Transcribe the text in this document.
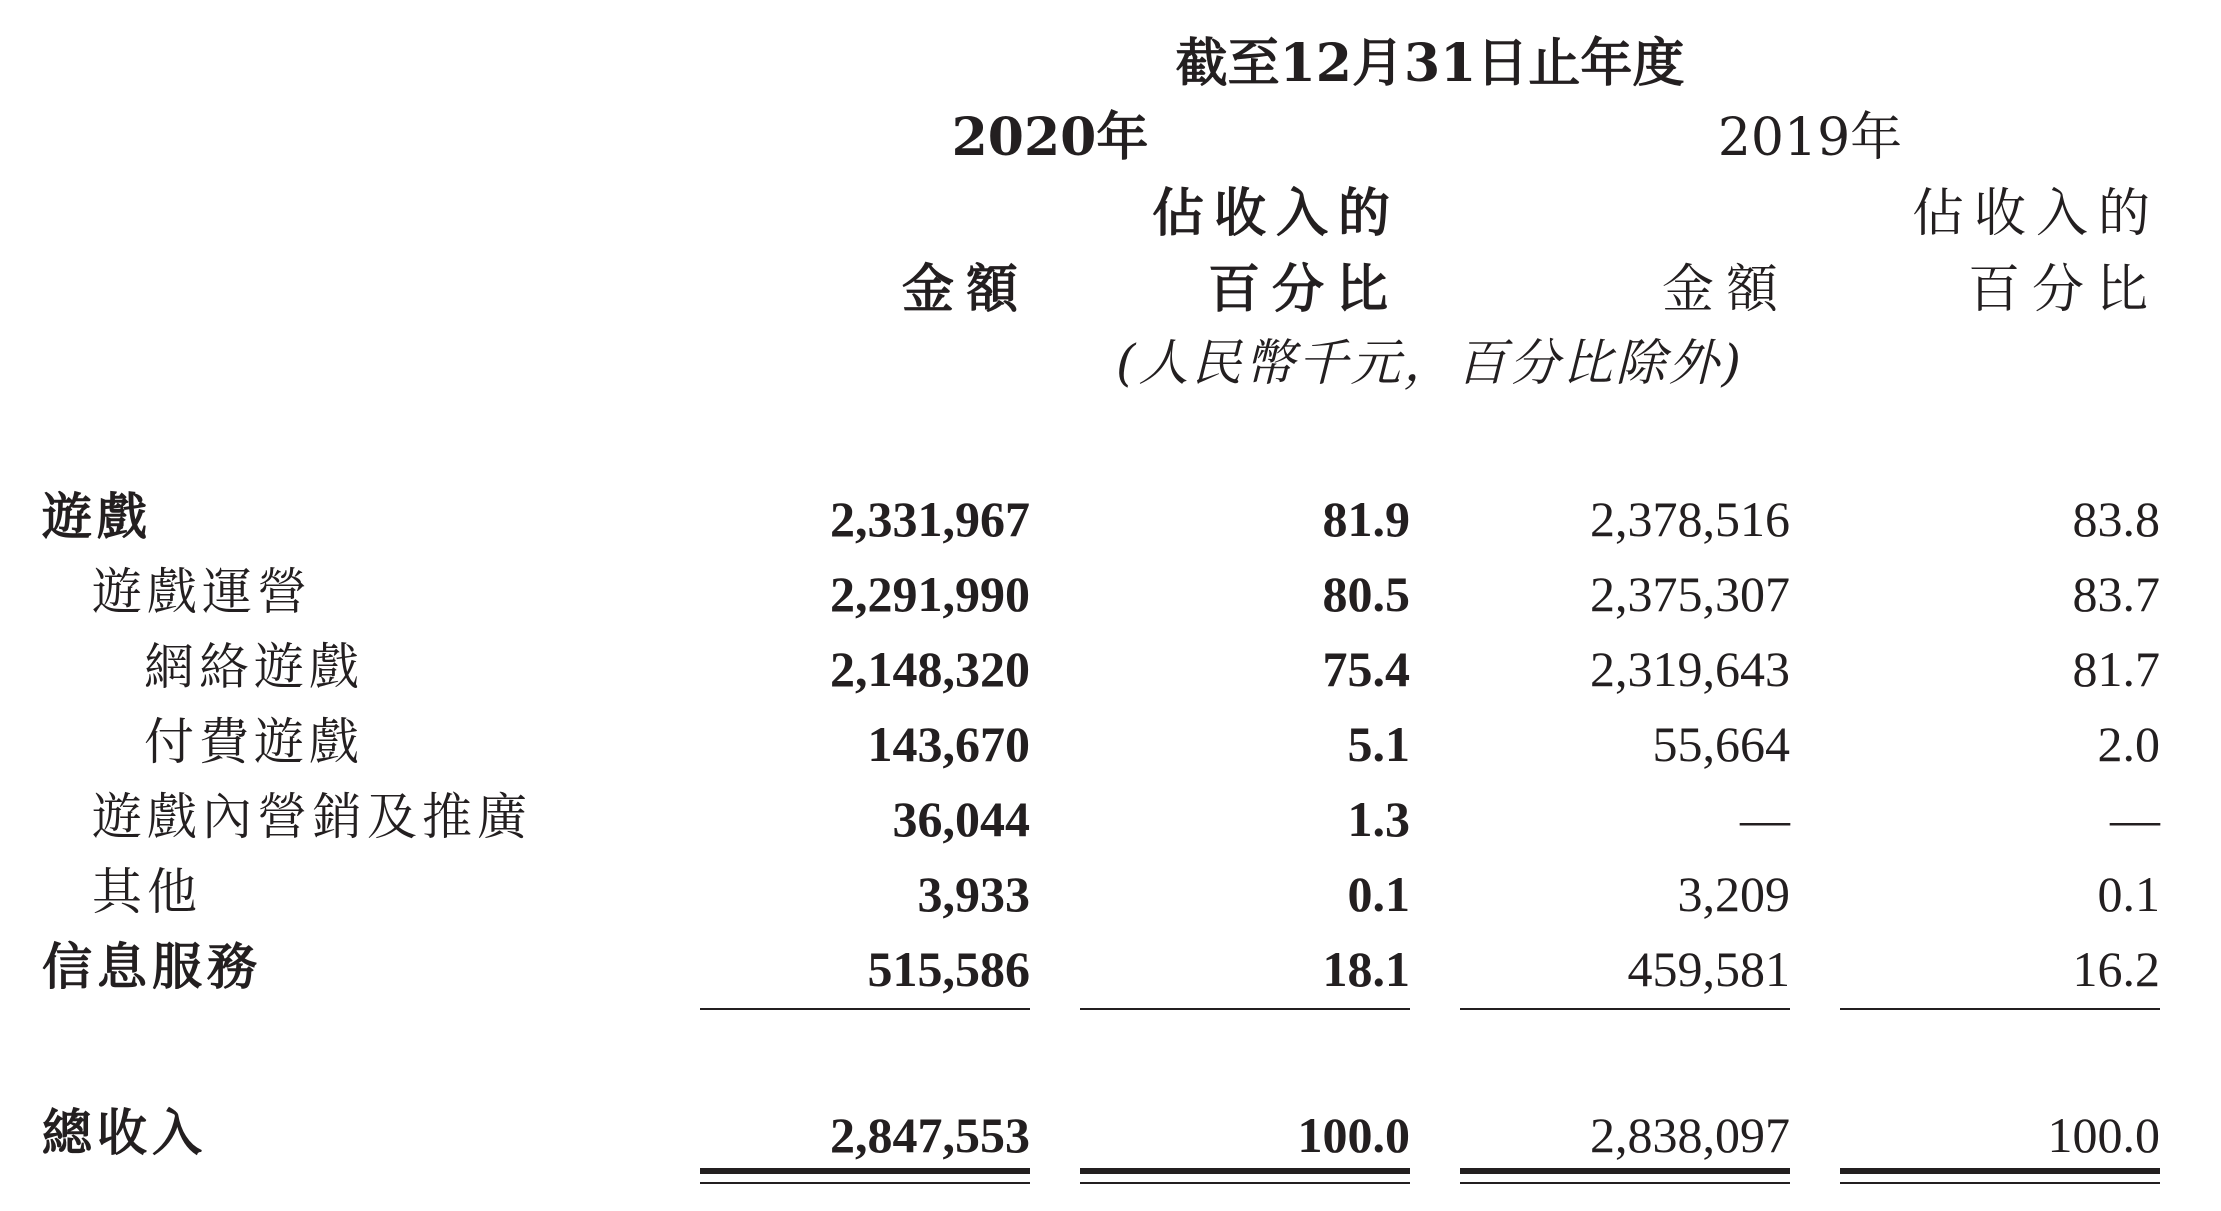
截至12月31日止年度
2020年	2019年
佔收入的	佔收入的
金額	百分比	金額	百分比
(人民幣千元，百分比除外)
遊戲	2,331,967	81.9	2,378,516	83.8
遊戲運營	2,291,990	80.5	2,375,307	83.7
網絡遊戲	2,148,320	75.4	2,319,643	81.7
付費遊戲	143,670	5.1	55,664	2.0
遊戲內營銷及推廣	36,044	1.3	—	—
其他	3,933	0.1	3,209	0.1
信息服務	515,586	18.1	459,581	16.2
總收入	2,847,553	100.0	2,838,097	100.0
